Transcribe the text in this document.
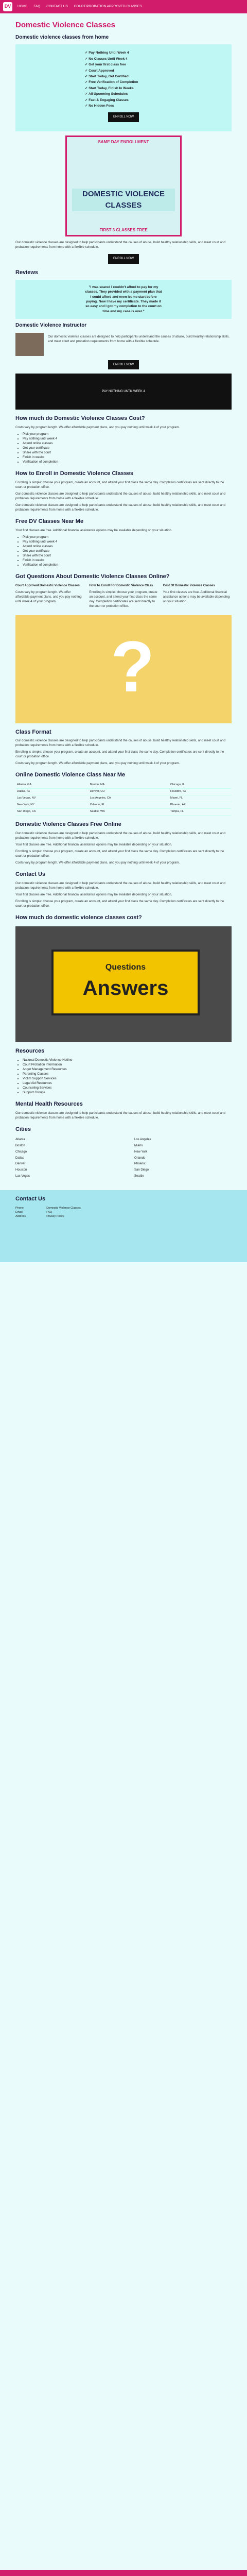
DV	HOME FAQ CONTACT US COURT/PROBATION APPROVED CLASSES
Domestic Violence Classes
Domestic violence classes from home
✓ Pay Nothing Until Week 4
✓ No Classes Until Week 4
✓ Get your first class free
✓ Court Approved
✓ Start Today, Get Certified
✓ Free Verification of Completion
✓ Start Today, Finish In Weeks
✓ All Upcoming Schedules
✓ Fast & Engaging Classes
✓ No Hidden Fees
ENROLL NOW
SAME DAY ENROLLMENT
DOMESTIC VIOLENCE CLASSES
FIRST 3 CLASSES FREE

Our domestic violence classes are designed to help participants understand the causes of abuse, build healthy relationship skills, and meet court and probation requirements from home with a flexible schedule.

ENROLL NOW
Reviews
"I was scared I couldn't afford to pay for my classes. They provided with a payment plan that I could afford and even let me start before paying. Now I have my certificate. They made it so easy and I got my completion to the court on time and my case is over."
Domestic Violence Instructor

Our domestic violence classes are designed to help participants understand the causes of abuse, build healthy relationship skills, and meet court and probation requirements from home with a flexible schedule.

ENROLL NOW
PAY NOTHING UNTIL WEEK 4
How much do Domestic Violence Classes Cost?

Costs vary by program length. We offer affordable payment plans, and you pay nothing until week 4 of your program.

• Pick your program
• Pay nothing until week 4
• Attend online classes
• Get your certificate
• Share with the court
• Finish in weeks
• Verification of completion
How to Enroll in Domestic Violence Classes

Enrolling is simple: choose your program, create an account, and attend your first class the same day. Completion certificates are sent directly to the court or probation office.

Our domestic violence classes are designed to help participants understand the causes of abuse, build healthy relationship skills, and meet court and probation requirements from home with a flexible schedule.

Our domestic violence classes are designed to help participants understand the causes of abuse, build healthy relationship skills, and meet court and probation requirements from home with a flexible schedule.

Free DV Classes Near Me

Your first classes are free. Additional financial assistance options may be available depending on your situation.

• Pick your program
• Pay nothing until week 4
• Attend online classes
• Get your certificate
• Share with the court
• Finish in weeks
• Verification of completion
Got Questions About Domestic Violence Classes Online?
Court Approved Domestic Violence Classes

Costs vary by program length. We offer affordable payment plans, and you pay nothing until week 4 of your program.

How To Enroll For Domestic Violence Class

Enrolling is simple: choose your program, create an account, and attend your first class the same day. Completion certificates are sent directly to the court or probation office.

Cost Of Domestic Violence Classes

Your first classes are free. Additional financial assistance options may be available depending on your situation.

?
Class Format

Our domestic violence classes are designed to help participants understand the causes of abuse, build healthy relationship skills, and meet court and probation requirements from home with a flexible schedule.

Enrolling is simple: choose your program, create an account, and attend your first class the same day. Completion certificates are sent directly to the court or probation office.

Costs vary by program length. We offer affordable payment plans, and you pay nothing until week 4 of your program.

Online Domestic Violence Class Near Me
Atlanta, GA	Boston, MA	Chicago, IL
Dallas, TX	Denver, CO	Houston, TX
Las Vegas, NV	Los Angeles, CA	Miami, FL
New York, NY	Orlando, FL	Phoenix, AZ
San Diego, CA	Seattle, WA	Tampa, FL
Domestic Violence Classes Free Online

Our domestic violence classes are designed to help participants understand the causes of abuse, build healthy relationship skills, and meet court and probation requirements from home with a flexible schedule.

Your first classes are free. Additional financial assistance options may be available depending on your situation.

Enrolling is simple: choose your program, create an account, and attend your first class the same day. Completion certificates are sent directly to the court or probation office.

Costs vary by program length. We offer affordable payment plans, and you pay nothing until week 4 of your program.

Contact Us

Our domestic violence classes are designed to help participants understand the causes of abuse, build healthy relationship skills, and meet court and probation requirements from home with a flexible schedule.

Your first classes are free. Additional financial assistance options may be available depending on your situation.

Enrolling is simple: choose your program, create an account, and attend your first class the same day. Completion certificates are sent directly to the court or probation office.

How much do domestic violence classes cost?
Questions
Answers
Resources
• National Domestic Violence Hotline
• Court Probation Information
• Anger Management Resources
• Parenting Classes
• Victim Support Services
• Legal Aid Resources
• Counseling Services
• Support Groups
Mental Health Resources

Our domestic violence classes are designed to help participants understand the causes of abuse, build healthy relationship skills, and meet court and probation requirements from home with a flexible schedule.

Cities
Atlanta
Boston
Chicago
Dallas
Denver
Houston
Las Vegas
Los Angeles
Miami
New York
Orlando
Phoenix
San Diego
Seattle
Contact Us
Phone
Email
Address
Domestic Violence Classes
FAQ
Privacy Policy
